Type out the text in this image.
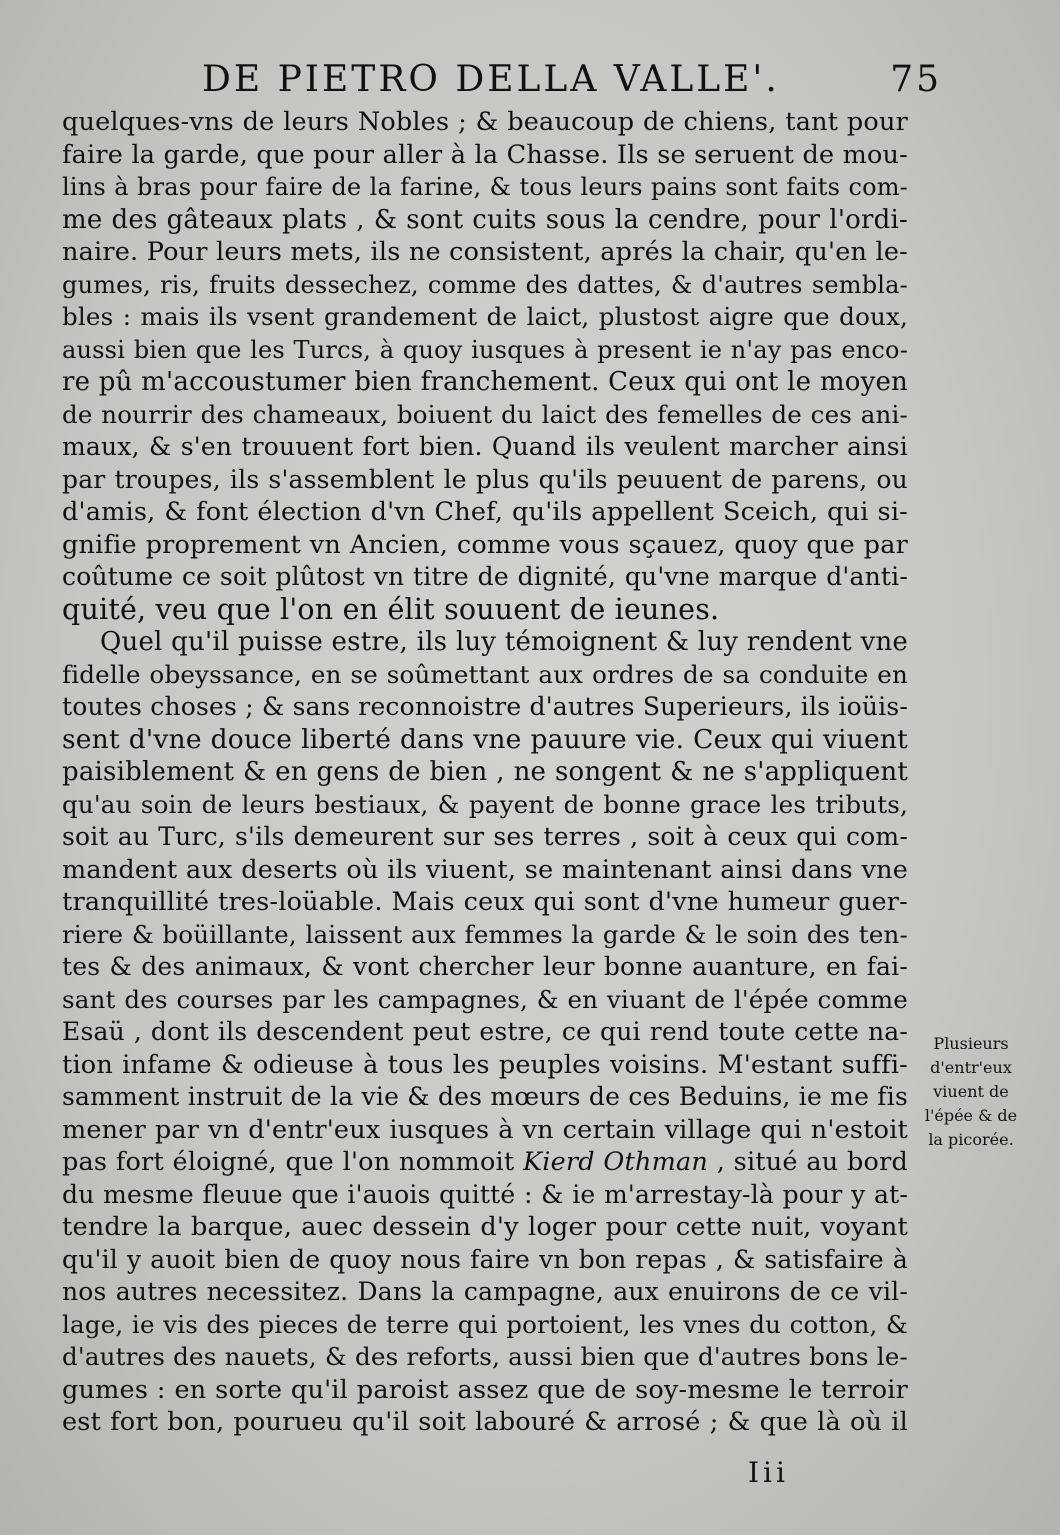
DE PIETRO DELLA VALLE'.	75
quelques-vns de leurs Nobles ; & beaucoup de chiens, tant pour
faire la garde, que pour aller à la Chasse. Ils se seruent de mou-
lins à bras pour faire de la farine, & tous leurs pains sont faits com-
me des gâteaux plats , & sont cuits sous la cendre, pour l'ordi-
naire. Pour leurs mets, ils ne consistent, aprés la chair, qu'en le-
gumes, ris, fruits dessechez, comme des dattes, & d'autres sembla-
bles : mais ils vsent grandement de laict, plustost aigre que doux,
aussi bien que les Turcs, à quoy iusques à present ie n'ay pas enco-
re pû m'accoustumer bien franchement. Ceux qui ont le moyen
de nourrir des chameaux, boiuent du laict des femelles de ces ani-
maux, & s'en trouuent fort bien. Quand ils veulent marcher ainsi
par troupes, ils s'assemblent le plus qu'ils peuuent de parens, ou
d'amis, & font élection d'vn Chef, qu'ils appellent Sceich, qui si-
gnifie proprement vn Ancien, comme vous sçauez, quoy que par
coûtume ce soit plûtost vn titre de dignité, qu'vne marque d'anti-
quité, veu que l'on en élit souuent de ieunes.
Quel qu'il puisse estre, ils luy témoignent & luy rendent vne
fidelle obeyssance, en se soûmettant aux ordres de sa conduite en
toutes choses ; & sans reconnoistre d'autres Superieurs, ils ioüis-
sent d'vne douce liberté dans vne pauure vie. Ceux qui viuent
paisiblement & en gens de bien , ne songent & ne s'appliquent
qu'au soin de leurs bestiaux, & payent de bonne grace les tributs,
soit au Turc, s'ils demeurent sur ses terres , soit à ceux qui com-
mandent aux deserts où ils viuent, se maintenant ainsi dans vne
tranquillité tres-loüable. Mais ceux qui sont d'vne humeur guer-
riere & boüillante, laissent aux femmes la garde & le soin des ten-
tes & des animaux, & vont chercher leur bonne auanture, en fai-
sant des courses par les campagnes, & en viuant de l'épée comme
Esaü , dont ils descendent peut estre, ce qui rend toute cette na-
tion infame & odieuse à tous les peuples voisins. M'estant suffi-
samment instruit de la vie & des mœurs de ces Beduins, ie me fis
mener par vn d'entr'eux iusques à vn certain village qui n'estoit
pas fort éloigné, que l'on nommoit Kierd Othman , situé au bord
du mesme fleuue que i'auois quitté : & ie m'arrestay-là pour y at-
tendre la barque, auec dessein d'y loger pour cette nuit, voyant
qu'il y auoit bien de quoy nous faire vn bon repas , & satisfaire à
nos autres necessitez. Dans la campagne, aux enuirons de ce vil-
lage, ie vis des pieces de terre qui portoient, les vnes du cotton, &
d'autres des nauets, & des reforts, aussi bien que d'autres bons le-
gumes : en sorte qu'il paroist assez que de soy-mesme le terroir
est fort bon, pourueu qu'il soit labouré & arrosé ; & que là où il
Plusieurs
d'entr'eux
viuent de
l'épée & de
la picorée.
Iii
